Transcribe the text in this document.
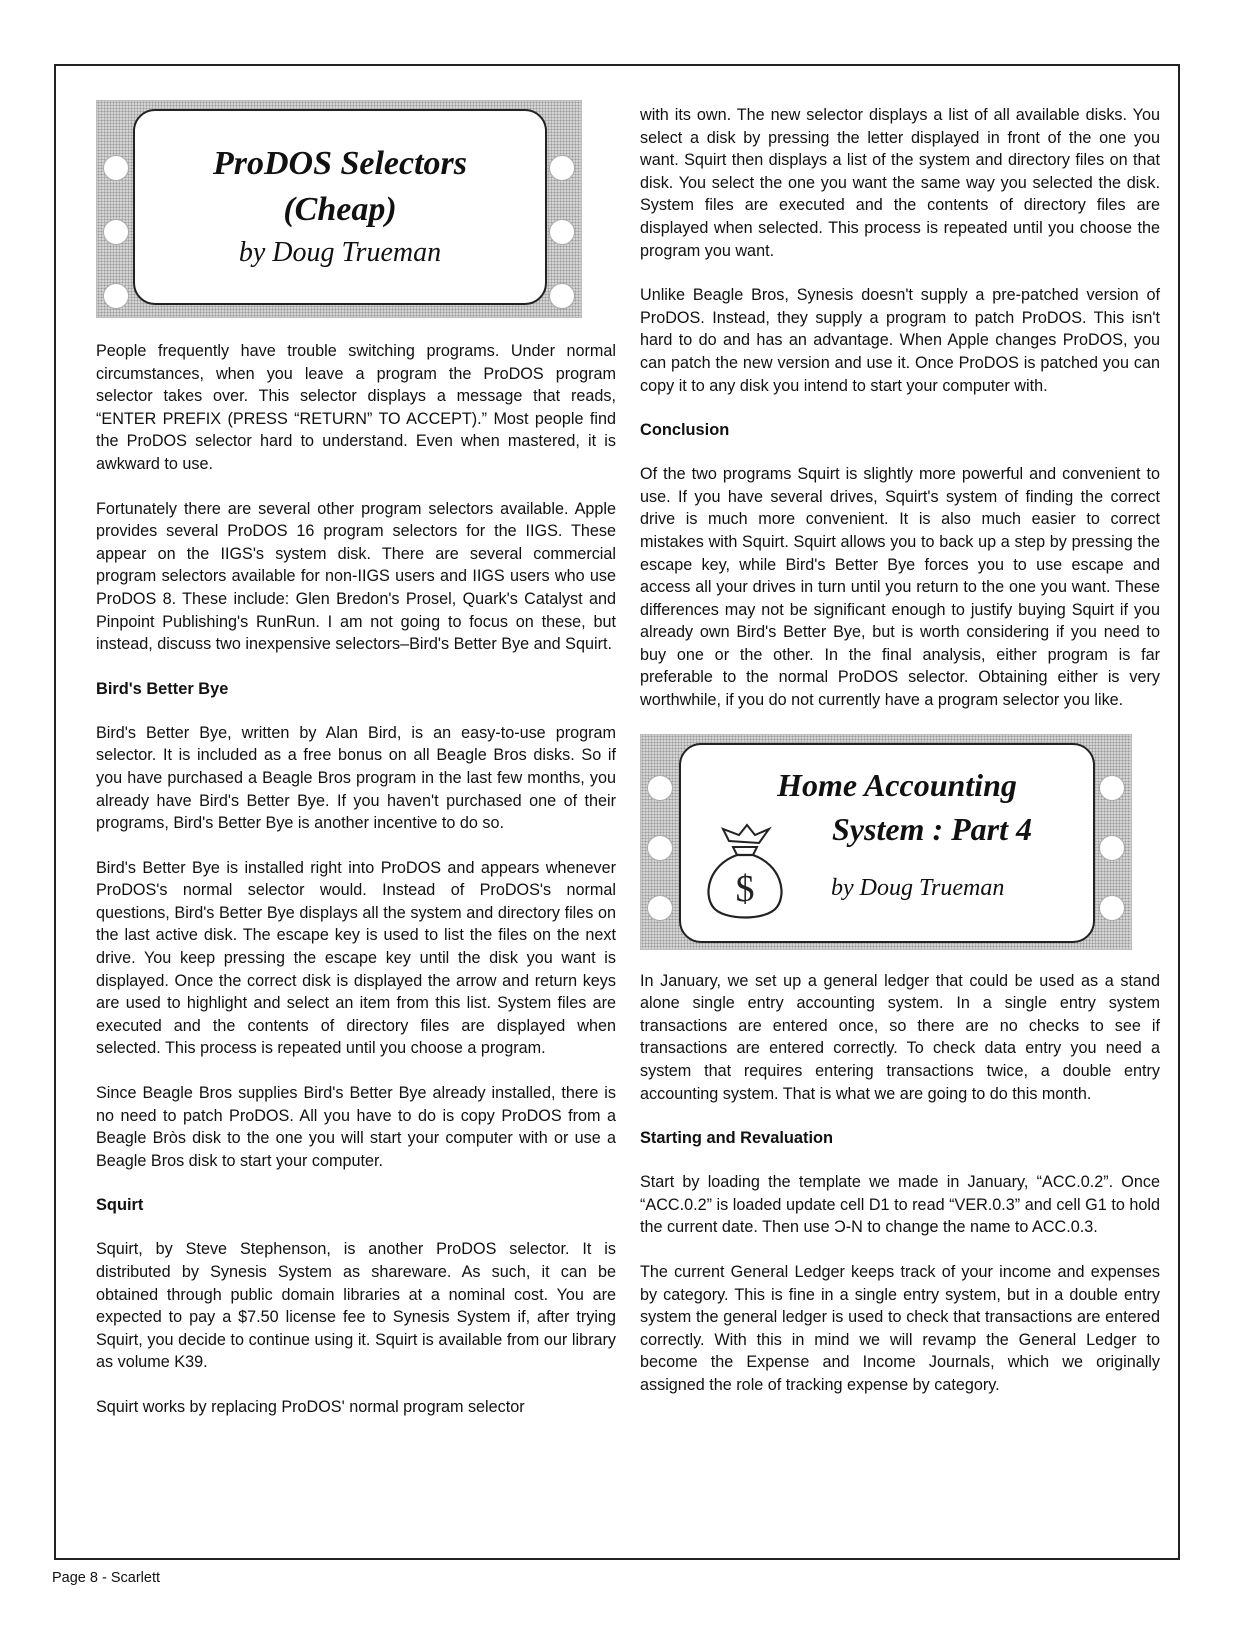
ProDOS Selectors

(Cheap)

by Doug Trueman

People frequently have trouble switching programs. Under normal circumstances, when you leave a program the ProDOS program selector takes over. This selector displays a message that reads, “ENTER PREFIX (PRESS “RETURN” TO ACCEPT).” Most people find the ProDOS selector hard to understand. Even when mastered, it is awkward to use.

Fortunately there are several other program selectors available. Apple provides several ProDOS 16 program selectors for the IIGS. These appear on the IIGS's system disk. There are several commercial program selectors available for non-IIGS users and IIGS users who use ProDOS 8. These include: Glen Bredon's Prosel, Quark's Catalyst and Pinpoint Publishing's RunRun. I am not going to focus on these, but instead, discuss two inexpensive selectors–Bird's Better Bye and Squirt.

Bird's Better Bye

Bird's Better Bye, written by Alan Bird, is an easy-to-use program selector. It is included as a free bonus on all Beagle Bros disks. So if you have purchased a Beagle Bros program in the last few months, you already have Bird's Better Bye. If you haven't purchased one of their programs, Bird's Better Bye is another incentive to do so.

Bird's Better Bye is installed right into ProDOS and appears whenever ProDOS's normal selector would. Instead of ProDOS's normal questions, Bird's Better Bye displays all the system and directory files on the last active disk. The escape key is used to list the files on the next drive. You keep pressing the escape key until the disk you want is displayed. Once the correct disk is displayed the arrow and return keys are used to highlight and select an item from this list. System files are executed and the contents of directory files are displayed when selected. This process is repeated until you choose a program.

Since Beagle Bros supplies Bird's Better Bye already installed, there is no need to patch ProDOS. All you have to do is copy ProDOS from a Beagle Bròs disk to the one you will start your computer with or use a Beagle Bros disk to start your computer.

Squirt

Squirt, by Steve Stephenson, is another ProDOS selector. It is distributed by Synesis System as shareware. As such, it can be obtained through public domain libraries at a nominal cost. You are expected to pay a $7.50 license fee to Synesis System if, after trying Squirt, you decide to continue using it. Squirt is available from our library as volume K39.

Squirt works by replacing ProDOS' normal program selector

with its own. The new selector displays a list of all available disks. You select a disk by pressing the letter displayed in front of the one you want. Squirt then displays a list of the system and directory files on that disk. You select the one you want the same way you selected the disk. System files are executed and the contents of directory files are displayed when selected. This process is repeated until you choose the program you want.

Unlike Beagle Bros, Synesis doesn't supply a pre-patched version of ProDOS. Instead, they supply a program to patch ProDOS. This isn't hard to do and has an advantage. When Apple changes ProDOS, you can patch the new version and use it. Once ProDOS is patched you can copy it to any disk you intend to start your computer with.

Conclusion

Of the two programs Squirt is slightly more powerful and convenient to use. If you have several drives, Squirt's system of finding the correct drive is much more convenient. It is also much easier to correct mistakes with Squirt. Squirt allows you to back up a step by pressing the escape key, while Bird's Better Bye forces you to use escape and access all your drives in turn until you return to the one you want. These differences may not be significant enough to justify buying Squirt if you already own Bird's Better Bye, but is worth considering if you need to buy one or the other. In the final analysis, either program is far preferable to the normal ProDOS selector. Obtaining either is very worthwhile, if you do not currently have a program selector you like.

Home Accounting

System : Part 4

$	by Doug Trueman

In January, we set up a general ledger that could be used as a stand alone single entry accounting system. In a single entry system transactions are entered once, so there are no checks to see if transactions are entered correctly. To check data entry you need a system that requires entering transactions twice, a double entry accounting system. That is what we are going to do this month.

Starting and Revaluation

Start by loading the template we made in January, “ACC.0.2”. Once “ACC.0.2” is loaded update cell D1 to read “VER.0.3” and cell G1 to hold the current date. Then use Ɔ-N to change the name to ACC.0.3.

The current General Ledger keeps track of your income and expenses by category. This is fine in a single entry system, but in a double entry system the general ledger is used to check that transactions are entered correctly. With this in mind we will revamp the General Ledger to become the Expense and Income Journals, which we originally assigned the role of tracking expense by category.

Page 8 - Scarlett
